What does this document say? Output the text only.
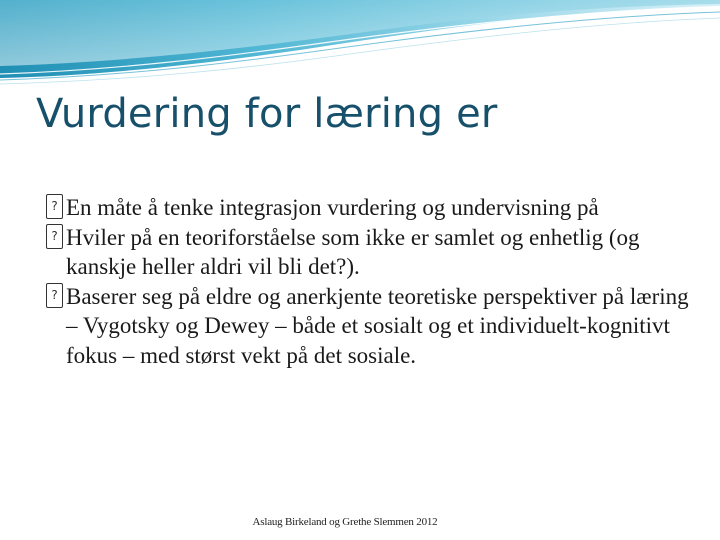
Vurdering for læring er
? En måte å tenke integrasjon vurdering og undervisning på
? Hviler på en teoriforståelse som ikke er samlet og enhetlig (og kanskje heller aldri vil bli det?).
? Baserer seg på eldre og anerkjente teoretiske perspektiver på læring – Vygotsky og Dewey – både et sosialt og et individuelt-kognitivt fokus – med størst vekt på det sosiale.
Aslaug Birkeland og Grethe Slemmen 2012
